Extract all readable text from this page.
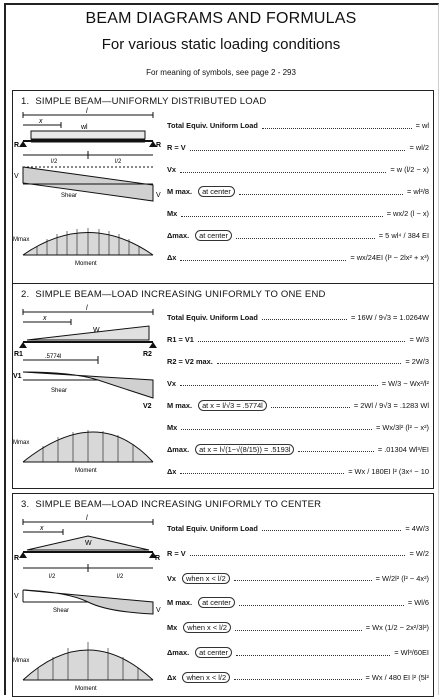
BEAM DIAGRAMS AND FORMULAS
For various static loading conditions
For meaning of symbols, see page 2 - 293
1. SIMPLE BEAM—UNIFORMLY DISTRIBUTED LOAD
l
x
wl
R	R
l/2	l/2
V
V
Shear
Mmax
Moment
Total Equiv. Uniform Load	= wl
R = V	= wl/2
Vx	= w (l/2 − x)
M max.	at center	= wl²/8
Mx	= wx/2 (l − x)
Δmax.	at center	= 5 wl⁴ / 384 EI
Δx	= wx/24EI (l³ − 2lx² + x³)
2. SIMPLE BEAM—LOAD INCREASING UNIFORMLY TO ONE END
l
x
W
R1	R2
.5774l
V1
V2
Shear
Mmax
Moment
Total Equiv. Uniform Load	= 16W / 9√3 = 1.0264W
R1 = V1	= W/3
R2 = V2 max.	= 2W/3
Vx	= W/3 − Wx²/l²
M max.	at x = l/√3 = .5774l	= 2Wl / 9√3 = .1283 Wl
Mx	= Wx/3l² (l² − x²)
Δmax.	at x = l√(1−√(8/15)) = .5193l	= .01304 Wl³/EI
Δx	= Wx / 180EI l² (3x⁴ − 10
3. SIMPLE BEAM—LOAD INCREASING UNIFORMLY TO CENTER
l
x
W
R	R
l/2	l/2
V
V
Shear
Mmax
Moment
Total Equiv. Uniform Load	= 4W/3
R = V	= W/2
Vx	when x < l/2	= W/2l² (l² − 4x²)
M max.	at center	= Wl/6
Mx	when x < l/2	= Wx (1/2 − 2x²/3l²)
Δmax.	at center	= Wl³/60EI
Δx	when x < l/2	= Wx / 480 EI l² (5l²
